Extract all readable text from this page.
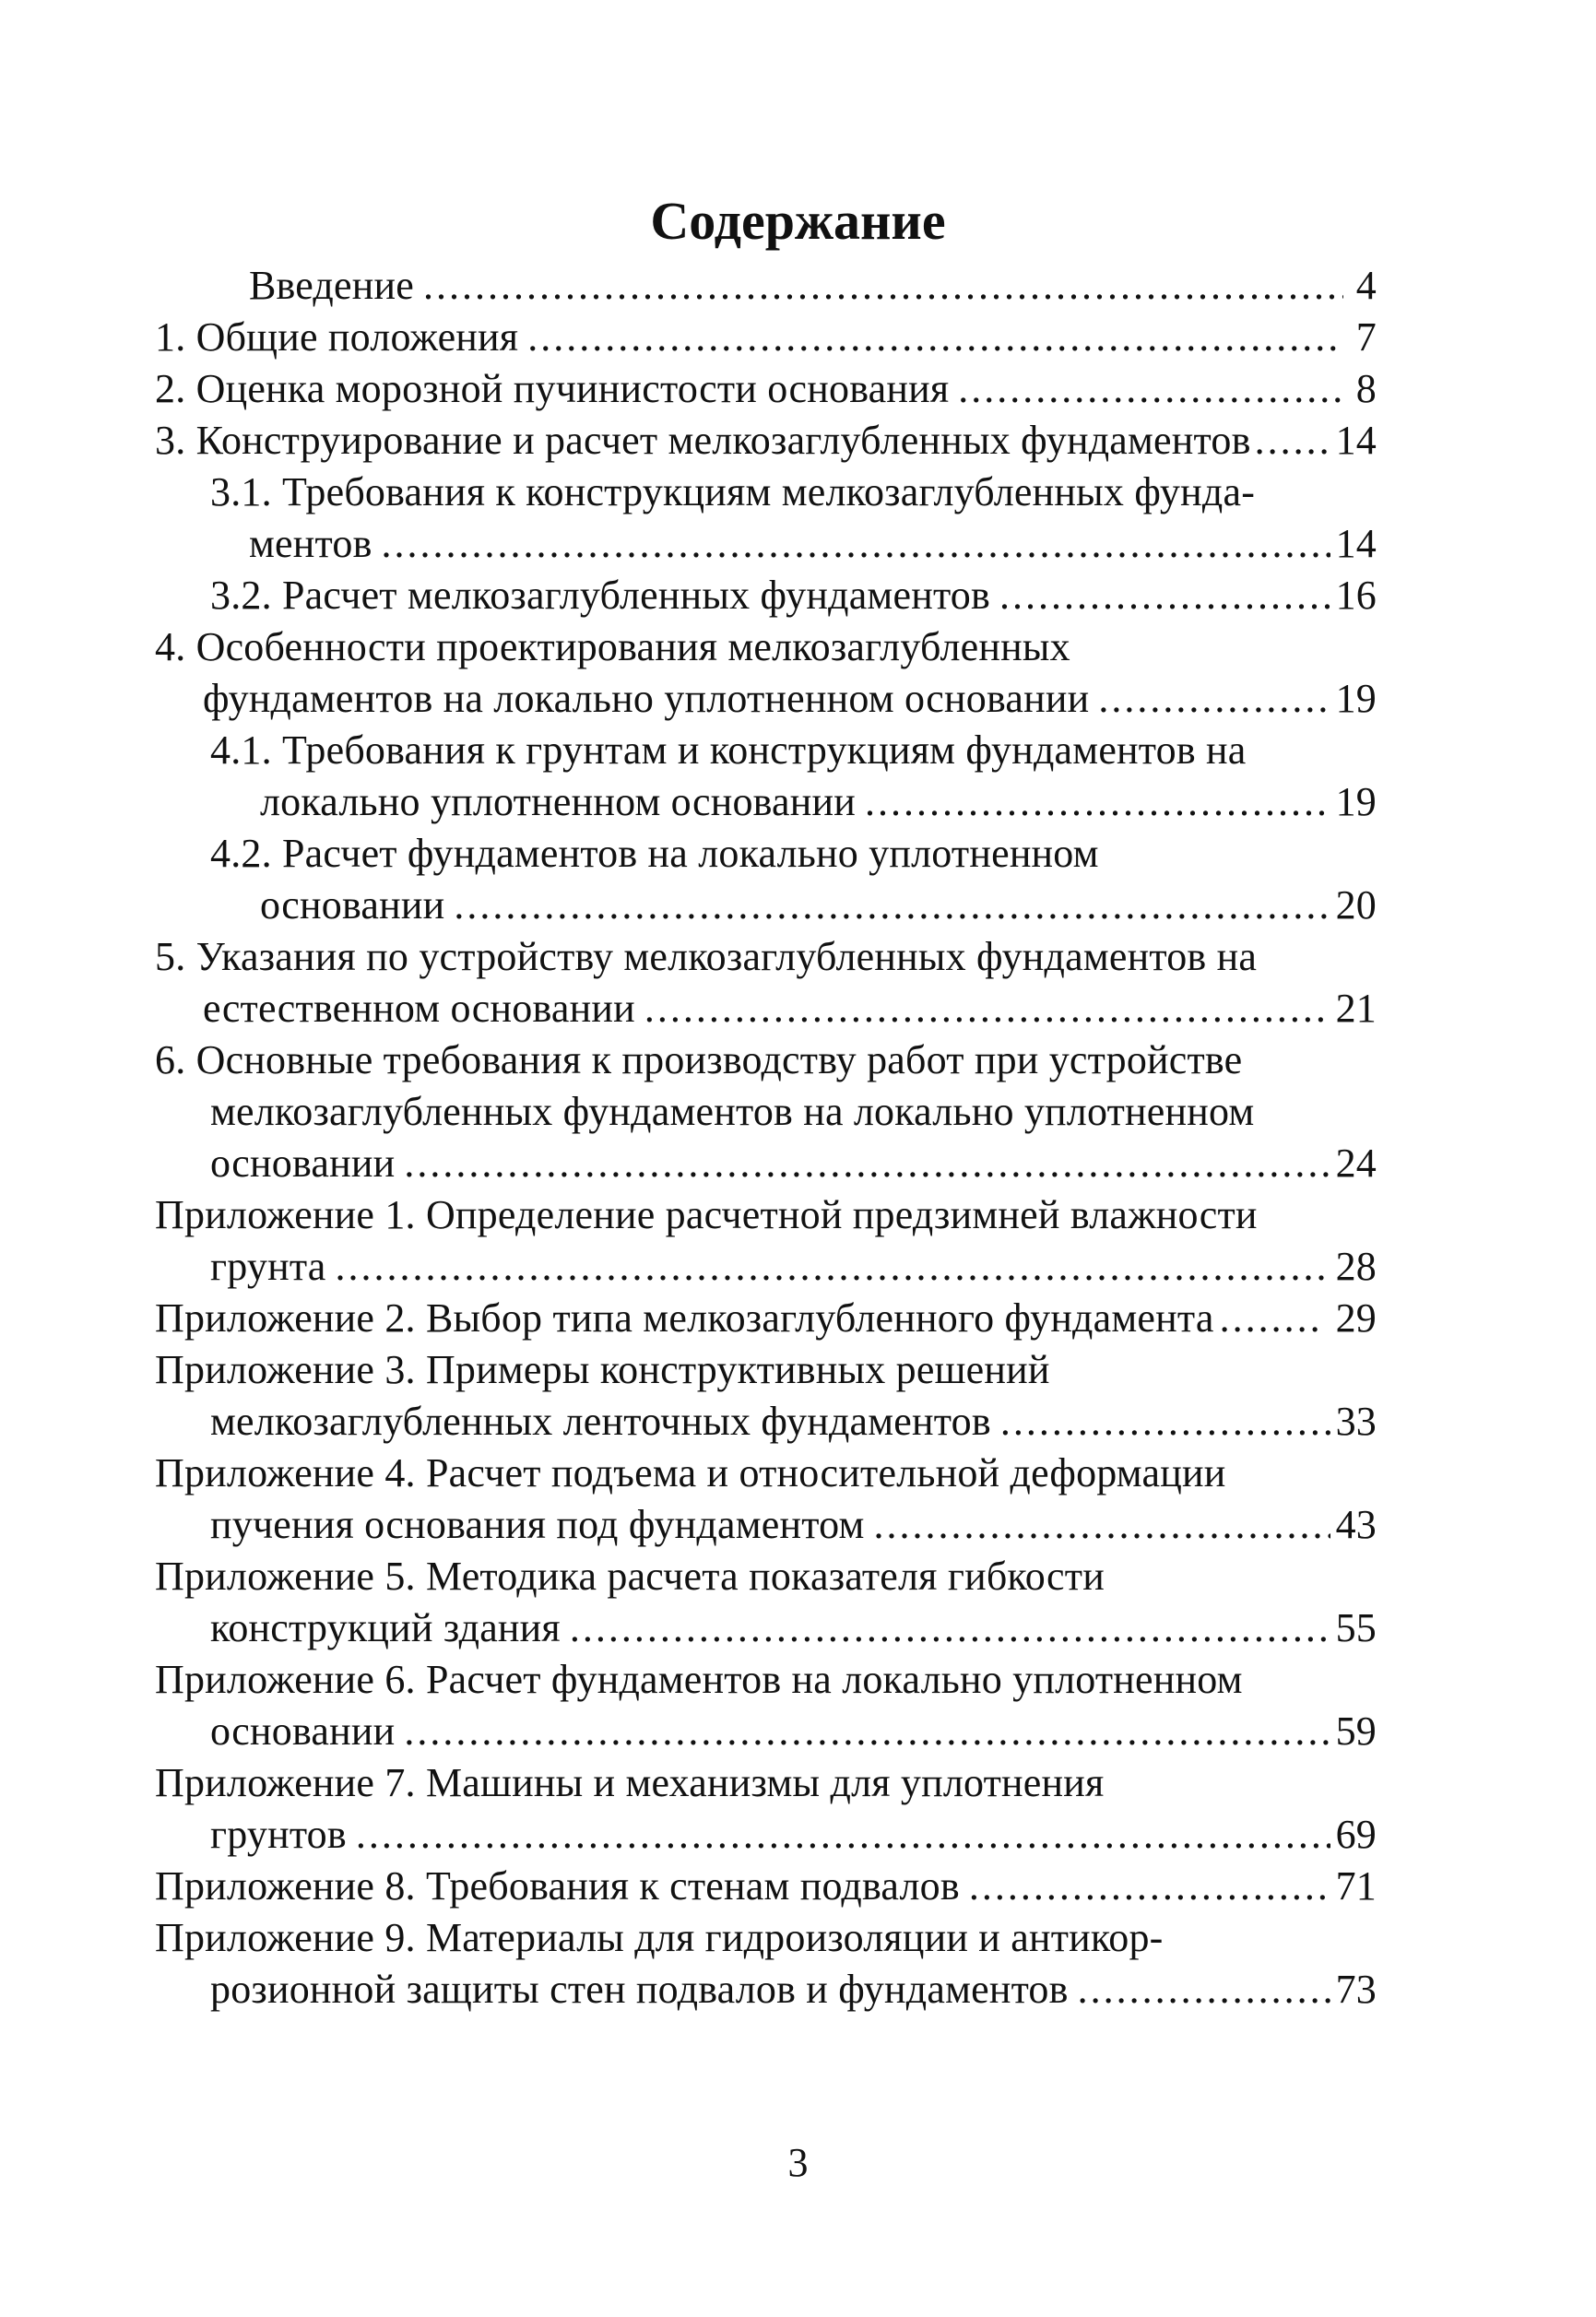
Содержание
Введение . . .	4
1. Общие положения . . .	7
2. Оценка морозной пучинистости основания . . .	8
3. Конструирование и расчет мелкозаглубленных фундаментов . . . 14
3.1. Требования к конструкциям мелкозаглубленных фунда-
ментов . . .	14
3.2. Расчет мелкозаглубленных фундаментов . . .	16
4. Особенности проектирования мелкозаглубленных
фундаментов на локально уплотненном основании . . .	19
4.1. Требования к грунтам и конструкциям фундаментов на
локально уплотненном основании . . .	19
4.2. Расчет фундаментов на локально уплотненном
основании . . .	20
5. Указания по устройству мелкозаглубленных фундаментов на
естественном основании . . .	21
6. Основные требования к производству работ при устройстве
мелкозаглубленных фундаментов на локально уплотненном
основании . . .	24
Приложение 1. Определение расчетной предзимней влажности
грунта . . .	28
Приложение 2. Выбор типа мелкозаглубленного фундамента . . .	29
Приложение 3. Примеры конструктивных решений
мелкозаглубленных ленточных фундаментов . . .	33
Приложение 4. Расчет подъема и относительной деформации
пучения основания под фундаментом . . .	43
Приложение 5. Методика расчета показателя гибкости
конструкций здания . . .	55
Приложение 6. Расчет фундаментов на локально уплотненном
основании . . .	59
Приложение 7. Машины и механизмы для уплотнения
грунтов . . .	69
Приложение 8. Требования к стенам подвалов . . .	71
Приложение 9. Материалы для гидроизоляции и антикор-
розионной защиты стен подвалов и фундаментов . . .	73
3
